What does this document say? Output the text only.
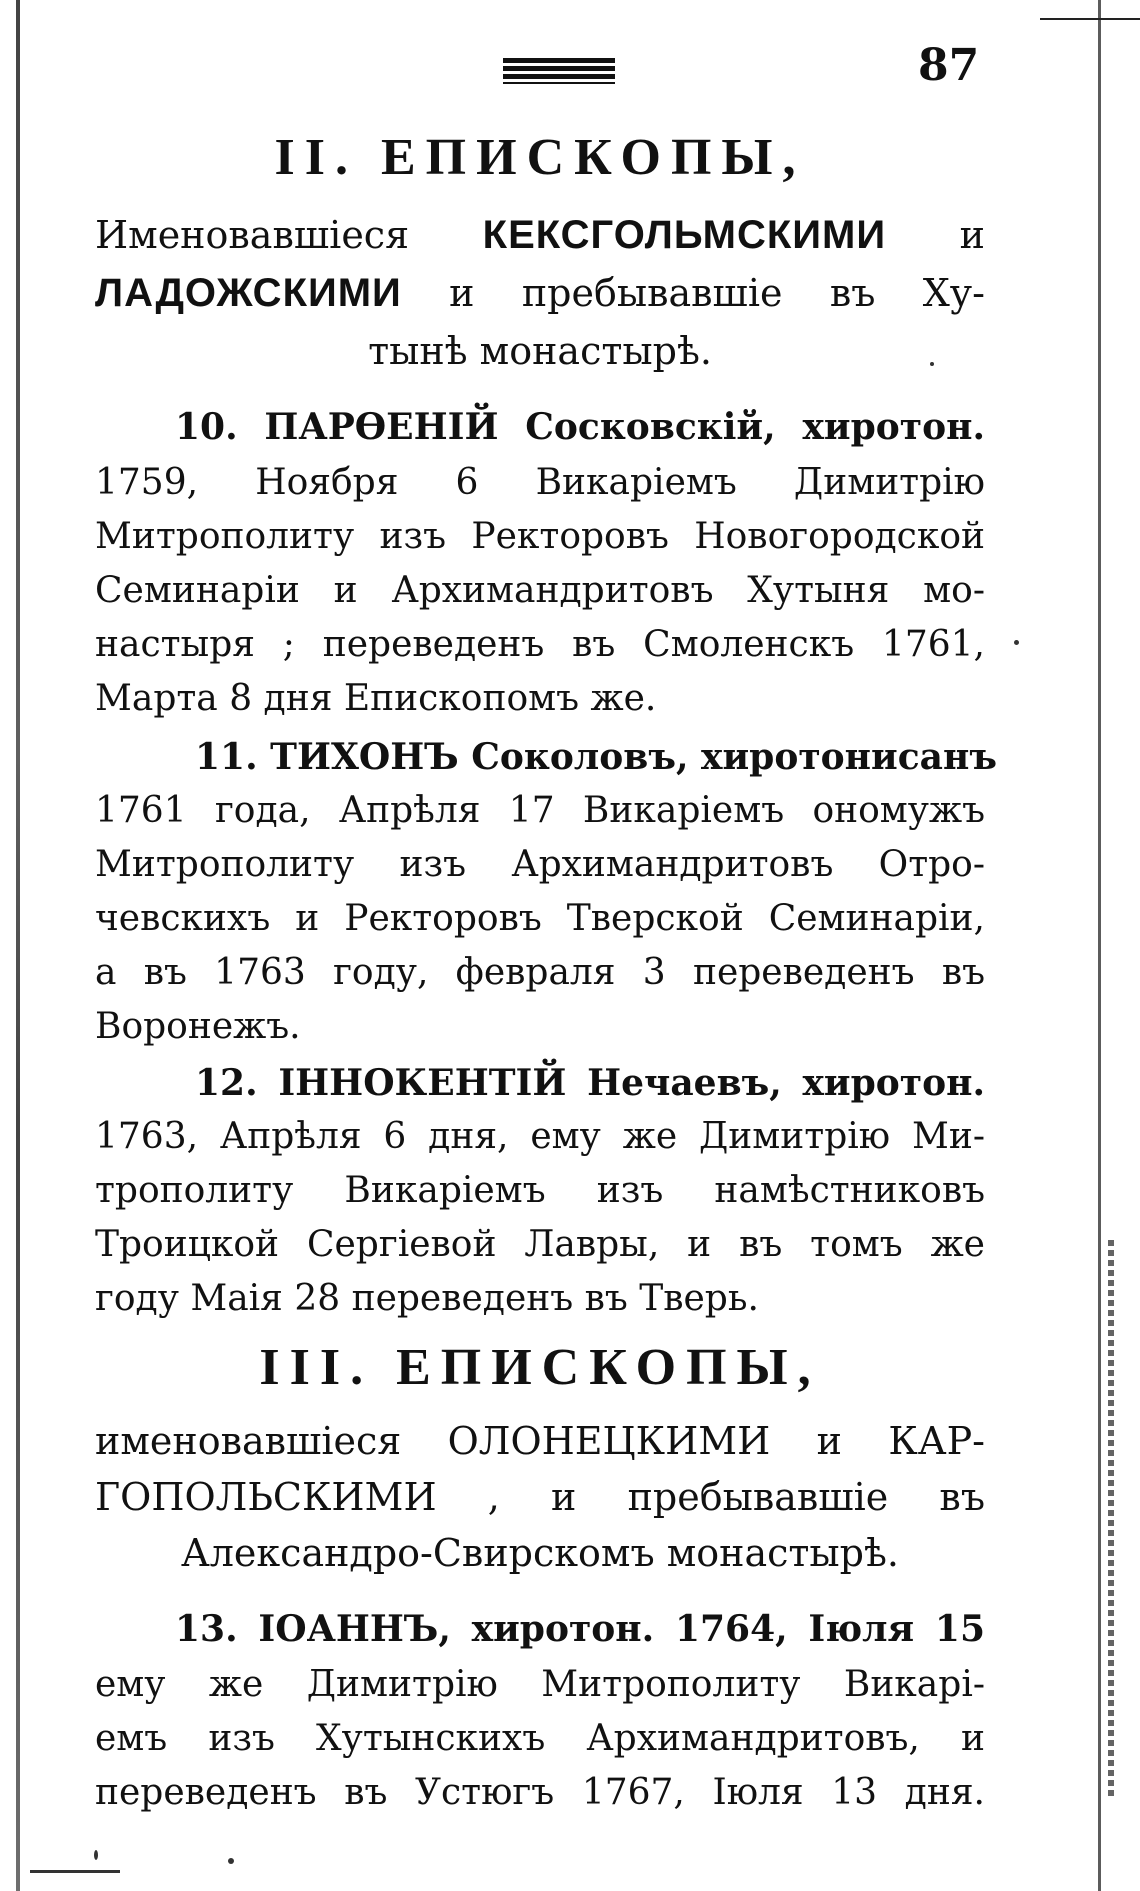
87
II. ЕПИСКОПЫ,
Именовавшіеся КЕКСГОЛЬМСКИМИ и
ЛАДОЖСКИМИ и пребывавшіе въ Ху-
тынѣ монастырѣ.
10. ПАРѲЕНІЙ Сосковскій, хиротон.
1759, Ноября 6 Викаріемъ Димитрію
Митрополиту изъ Ректоровъ Новогородской
Семинаріи и Архимандритовъ Хутыня мо-
настыря ; переведенъ въ Смоленскъ 1761,
Марта 8 дня Епископомъ же.
11. ТИХОНЪ Соколовъ, хиротонисанъ
1761 года, Апрѣля 17 Викаріемъ ономужъ
Митрополиту изъ Архимандритовъ Отро-
чевскихъ и Ректоровъ Тверской Семинаріи,
а въ 1763 году, февраля 3 переведенъ въ
Воронежъ.
12. ІННОКЕНТІЙ Нечаевъ, хиротон.
1763, Апрѣля 6 дня, ему же Димитрію Ми-
трополиту Викаріемъ изъ намѣстниковъ
Троицкой Сергіевой Лавры, и въ томъ же
году Маія 28 переведенъ въ Тверь.
III. ЕПИСКОПЫ,
именовавшіеся ОЛОНЕЦКИМИ и КАР-
ГОПОЛЬСКИМИ , и пребывавшіе въ
Александро-Свирскомъ монастырѣ.
13. ІОАННЪ, хиротон. 1764, Іюля 15
ему же Димитрію Митрополиту Викарі-
емъ изъ Хутынскихъ Архимандритовъ, и
переведенъ въ Устюгъ 1767, Іюля 13 дня.
